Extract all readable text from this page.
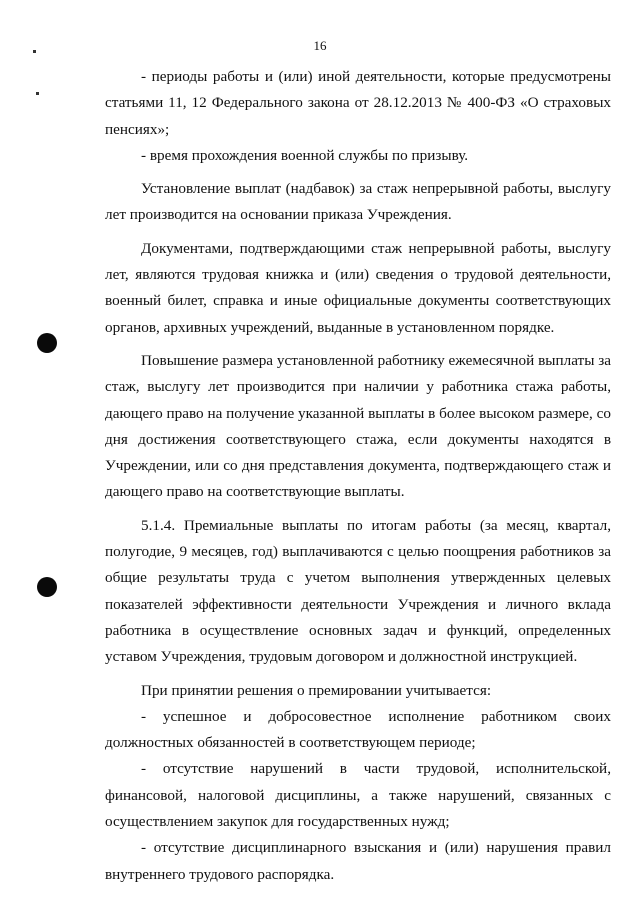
16

- периоды работы и (или) иной деятельности, которые предусмотрены статьями 11, 12 Федерального закона от 28.12.2013 № 400-ФЗ «О страховых пенсиях»;

- время прохождения военной службы по призыву.

Установление выплат (надбавок) за стаж непрерывной работы, выслугу лет производится на основании приказа Учреждения.

Документами, подтверждающими стаж непрерывной работы, выслугу лет, являются трудовая книжка и (или) сведения о трудовой деятельности, военный билет, справка и иные официальные документы соответствующих органов, архивных учреждений, выданные в установленном порядке.

Повышение размера установленной работнику ежемесячной выплаты за стаж, выслугу лет производится при наличии у работника стажа работы, дающего право на получение указанной выплаты в более высоком размере, со дня достижения соответствующего стажа, если документы находятся в Учреждении, или со дня представления документа, подтверждающего стаж и дающего право на соответствующие выплаты.

5.1.4. Премиальные выплаты по итогам работы (за месяц, квартал, полугодие, 9 месяцев, год) выплачиваются с целью поощрения работников за общие результаты труда с учетом выполнения утвержденных целевых показателей эффективности деятельности Учреждения и личного вклада работника в осуществление основных задач и функций, определенных уставом Учреждения, трудовым договором и должностной инструкцией.

При принятии решения о премировании учитывается:

- успешное и добросовестное исполнение работником своих должностных обязанностей в соответствующем периоде;

- отсутствие нарушений в части трудовой, исполнительской, финансовой, налоговой дисциплины, а также нарушений, связанных с осуществлением закупок для государственных нужд;

- отсутствие дисциплинарного взыскания и (или) нарушения правил внутреннего трудового распорядка.
